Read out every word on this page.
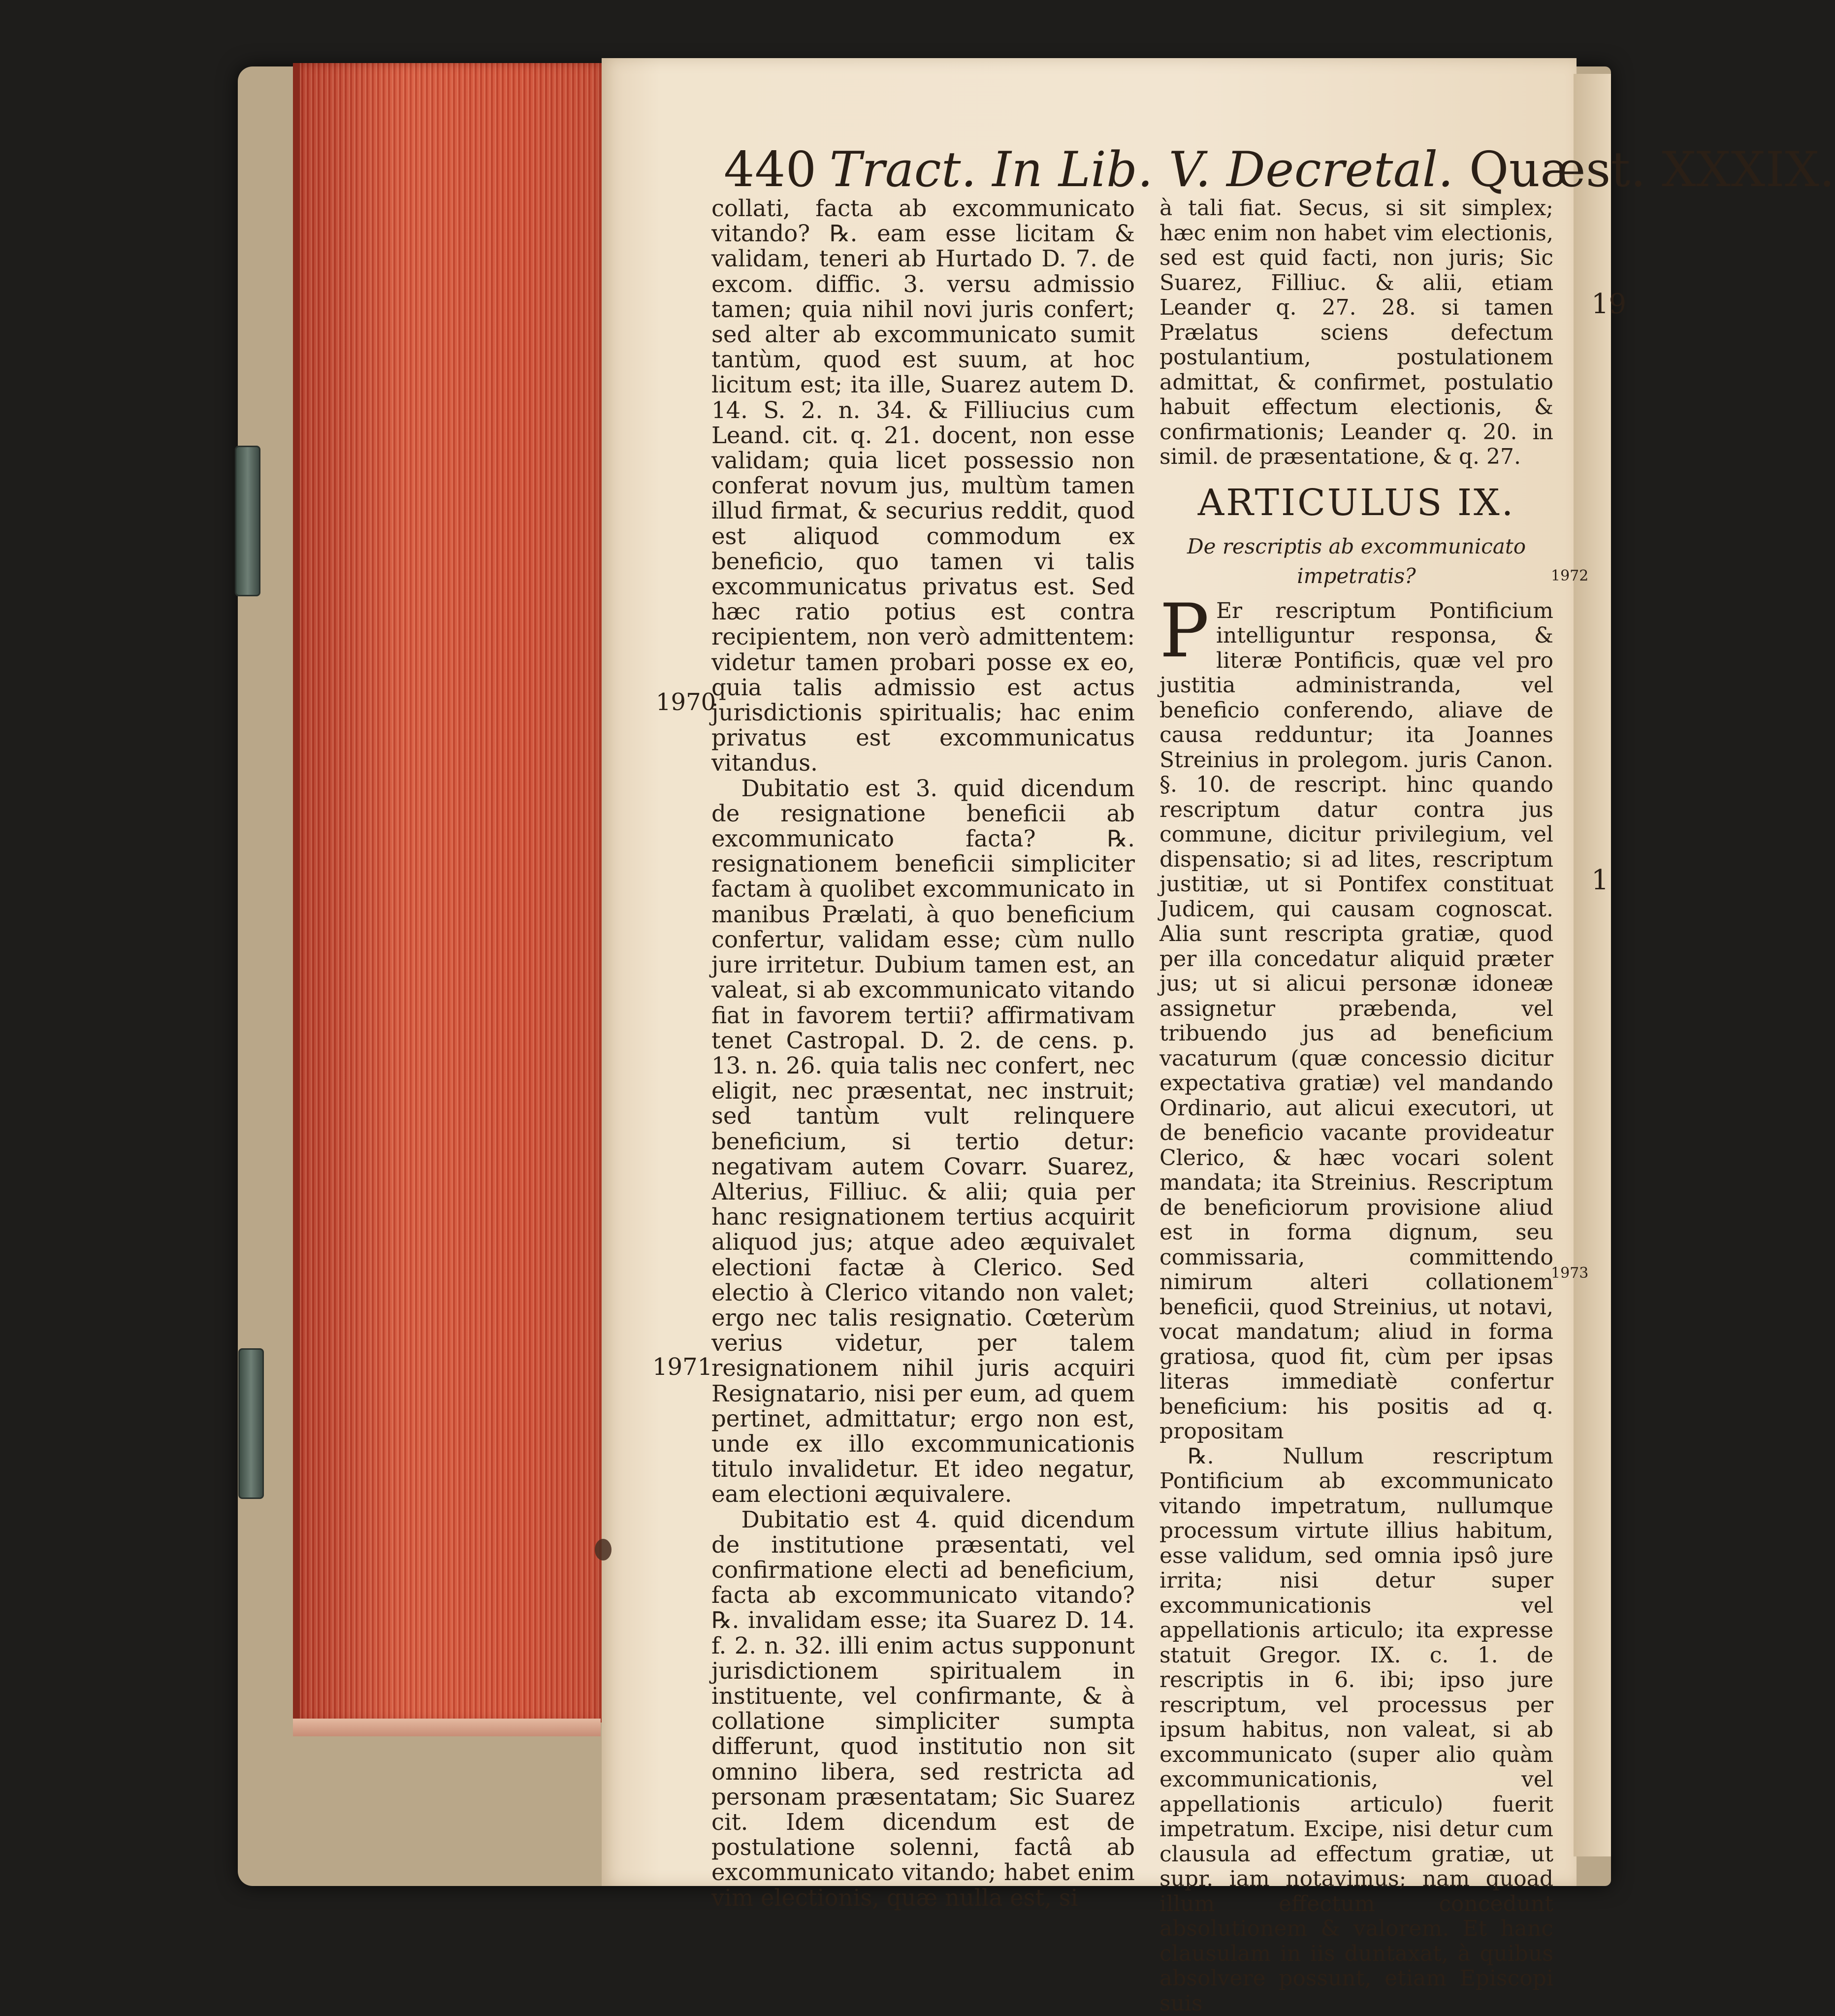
19
1
440 Tract. In Lib. V. Decretal. Quæst. XXXIX.

collati, facta ab excommunicato vitando? ℞. eam esse licitam & validam, teneri ab Hurtado D. 7. de excom. diffic. 3. versu admissio tamen; quia nihil novi juris confert; sed alter ab excommunicato sumit tantùm, quod est suum, at hoc licitum est; ita ille, Suarez autem D. 14. S. 2. n. 34. & Filliucius cum Leand. cit. q. 21. docent, non esse validam; quia licet possessio non conferat novum jus, multùm tamen illud firmat, & securius reddit, quod est aliquod commodum ex beneficio, quo tamen vi talis excommunicatus privatus est. Sed hæc ratio potius est contra recipientem, non verò admittentem: videtur tamen probari posse ex eo, quia talis admissio est actus jurisdictionis spiritualis; hac enim privatus est excommunicatus vitandus.

Dubitatio est 3. quid dicendum de resignatione beneficii ab excommunicato facta? ℞. resignationem beneficii simpliciter factam à quolibet excommunicato in manibus Prælati, à quo beneficium confertur, validam esse; cùm nullo jure irritetur. Dubium tamen est, an valeat, si ab excommunicato vitando fiat in favorem tertii? affirmativam tenet Castropal. D. 2. de cens. p. 13. n. 26. quia talis nec confert, nec eligit, nec præsentat, nec instruit; sed tantùm vult relinquere beneficium, si tertio detur: negativam autem Covarr. Suarez, Alterius, Filliuc. & alii; quia per hanc resignationem tertius acquirit aliquod jus; atque adeo æquivalet electioni factæ à Clerico. Sed electio à Clerico vitando non valet; ergo nec talis resignatio. Cœterùm verius videtur, per talem resignationem nihil juris acquiri Resignatario, nisi per eum, ad quem pertinet, admittatur; ergo non est, unde ex illo excommunicationis titulo invalidetur. Et ideo negatur, eam electioni æquivalere.

Dubitatio est 4. quid dicendum de institutione præsentati, vel confirmatione electi ad beneficium, facta ab excommunicato vitando? ℞. invalidam esse; ita Suarez D. 14. f. 2. n. 32. illi enim actus supponunt jurisdictionem spiritualem in instituente, vel confirmante, & à collatione simpliciter sumpta differunt, quod institutio non sit omnino libera, sed restricta ad personam præsentatam; Sic Suarez cit. Idem dicendum est de postulatione solenni, factâ ab excommunicato vitando; habet enim vim electionis, quæ nulla est, si

1970
1971
1972
1973

à tali fiat. Secus, si sit simplex; hæc enim non habet vim electionis, sed est quid facti, non juris; Sic Suarez, Filliuc. & alii, etiam Leander q. 27. 28. si tamen Prælatus sciens defectum postulantium, postulationem admittat, & confirmet, postulatio habuit effectum electionis, & confirmationis; Leander q. 20. in simil. de præsentatione, & q. 27.

ARTICULUS IX.
De rescriptis ab excommunicato impetratis?

P Er rescriptum Pontificium intelliguntur responsa, & literæ Pontificis, quæ vel pro justitia administranda, vel beneficio conferendo, aliave de causa redduntur; ita Joannes Streinius in prolegom. juris Canon. §. 10. de rescript. hinc quando rescriptum datur contra jus commune, dicitur privilegium, vel dispensatio; si ad lites, rescriptum justitiæ, ut si Pontifex constituat Judicem, qui causam cognoscat. Alia sunt rescripta gratiæ, quod per illa concedatur aliquid præter jus; ut si alicui personæ idoneæ assignetur præbenda, vel tribuendo jus ad beneficium vacaturum (quæ concessio dicitur expectativa gratiæ) vel mandando Ordinario, aut alicui executori, ut de beneficio vacante provideatur Clerico, & hæc vocari solent mandata; ita Streinius. Rescriptum de beneficiorum provisione aliud est in forma dignum, seu commissaria, committendo nimirum alteri collationem beneficii, quod Streinius, ut notavi, vocat mandatum; aliud in forma gratiosa, quod fit, cùm per ipsas literas immediatè confertur beneficium: his positis ad q. propositam

℞. Nullum rescriptum Pontificium ab excommunicato vitando impetratum, nullumque processum virtute illius habitum, esse validum, sed omnia ipsô jure irrita; nisi detur super excommunicationis vel appellationis articulo; ita expresse statuit Gregor. IX. c. 1. de rescriptis in 6. ibi; ipso jure rescriptum, vel processus per ipsum habitus, non valeat, si ab excommunicato (super alio quàm excommunicationis, vel appellationis articulo) fuerit impetratum. Excipe, nisi detur cum clausula ad effectum gratiæ, ut supr. iam notavimus; nam quoad illum effectum concedunt absolutionem & valorem. Et hanc clausulam in iis duntaxat, à quibus absolvere possunt, etiam Episcopi suis
